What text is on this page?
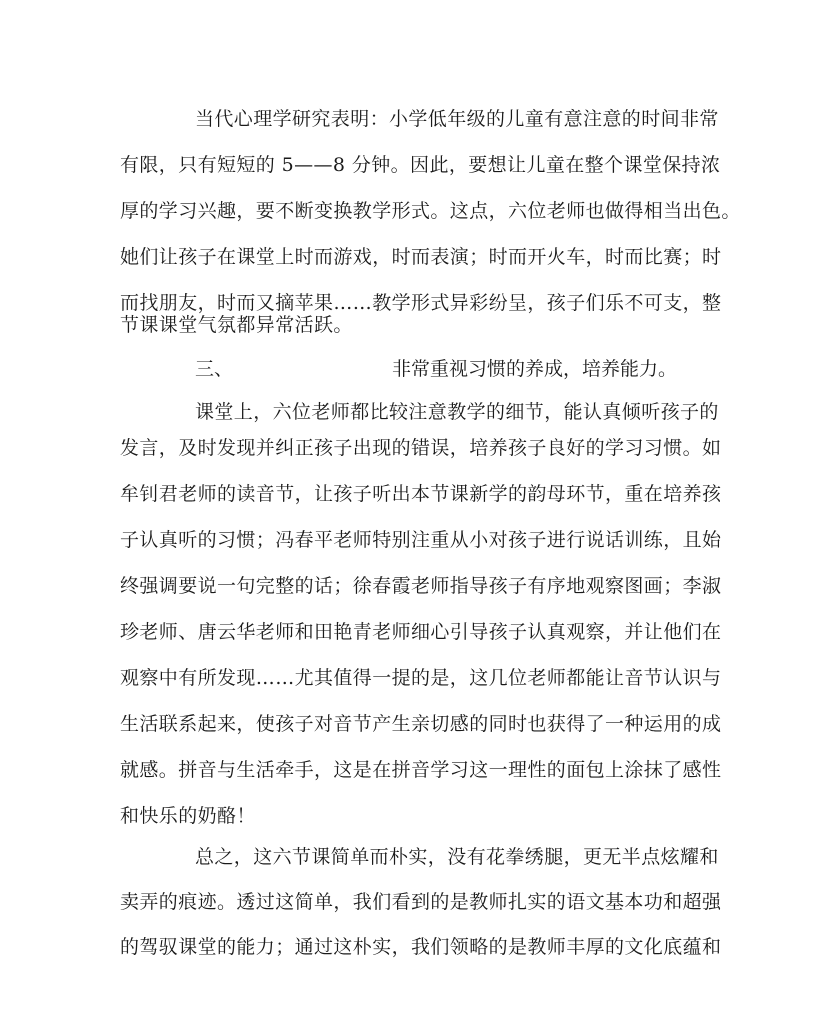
当代心理学研究表明：小学低年级的儿童有意注意的时间非常
有限，只有短短的 5——8 分钟。因此，要想让儿童在整个课堂保持浓
厚的学习兴趣，要不断变换教学形式。这点，六位老师也做得相当出色。
她们让孩子在课堂上时而游戏，时而表演；时而开火车，时而比赛；时
而找朋友，时而又摘苹果……教学形式异彩纷呈，孩子们乐不可支，整
节课课堂气氛都异常活跃。
三、	非常重视习惯的养成，培养能力。
课堂上，六位老师都比较注意教学的细节，能认真倾听孩子的
发言，及时发现并纠正孩子出现的错误，培养孩子良好的学习习惯。如
牟钊君老师的读音节，让孩子听出本节课新学的韵母环节，重在培养孩
子认真听的习惯；冯春平老师特别注重从小对孩子进行说话训练，且始
终强调要说一句完整的话；徐春霞老师指导孩子有序地观察图画；李淑
珍老师、唐云华老师和田艳青老师细心引导孩子认真观察，并让他们在
观察中有所发现……尤其值得一提的是，这几位老师都能让音节认识与
生活联系起来，使孩子对音节产生亲切感的同时也获得了一种运用的成
就感。拼音与生活牵手，这是在拼音学习这一理性的面包上涂抹了感性
和快乐的奶酪！
总之，这六节课简单而朴实，没有花拳绣腿，更无半点炫耀和
卖弄的痕迹。透过这简单，我们看到的是教师扎实的语文基本功和超强
的驾驭课堂的能力；通过这朴实，我们领略的是教师丰厚的文化底蕴和
